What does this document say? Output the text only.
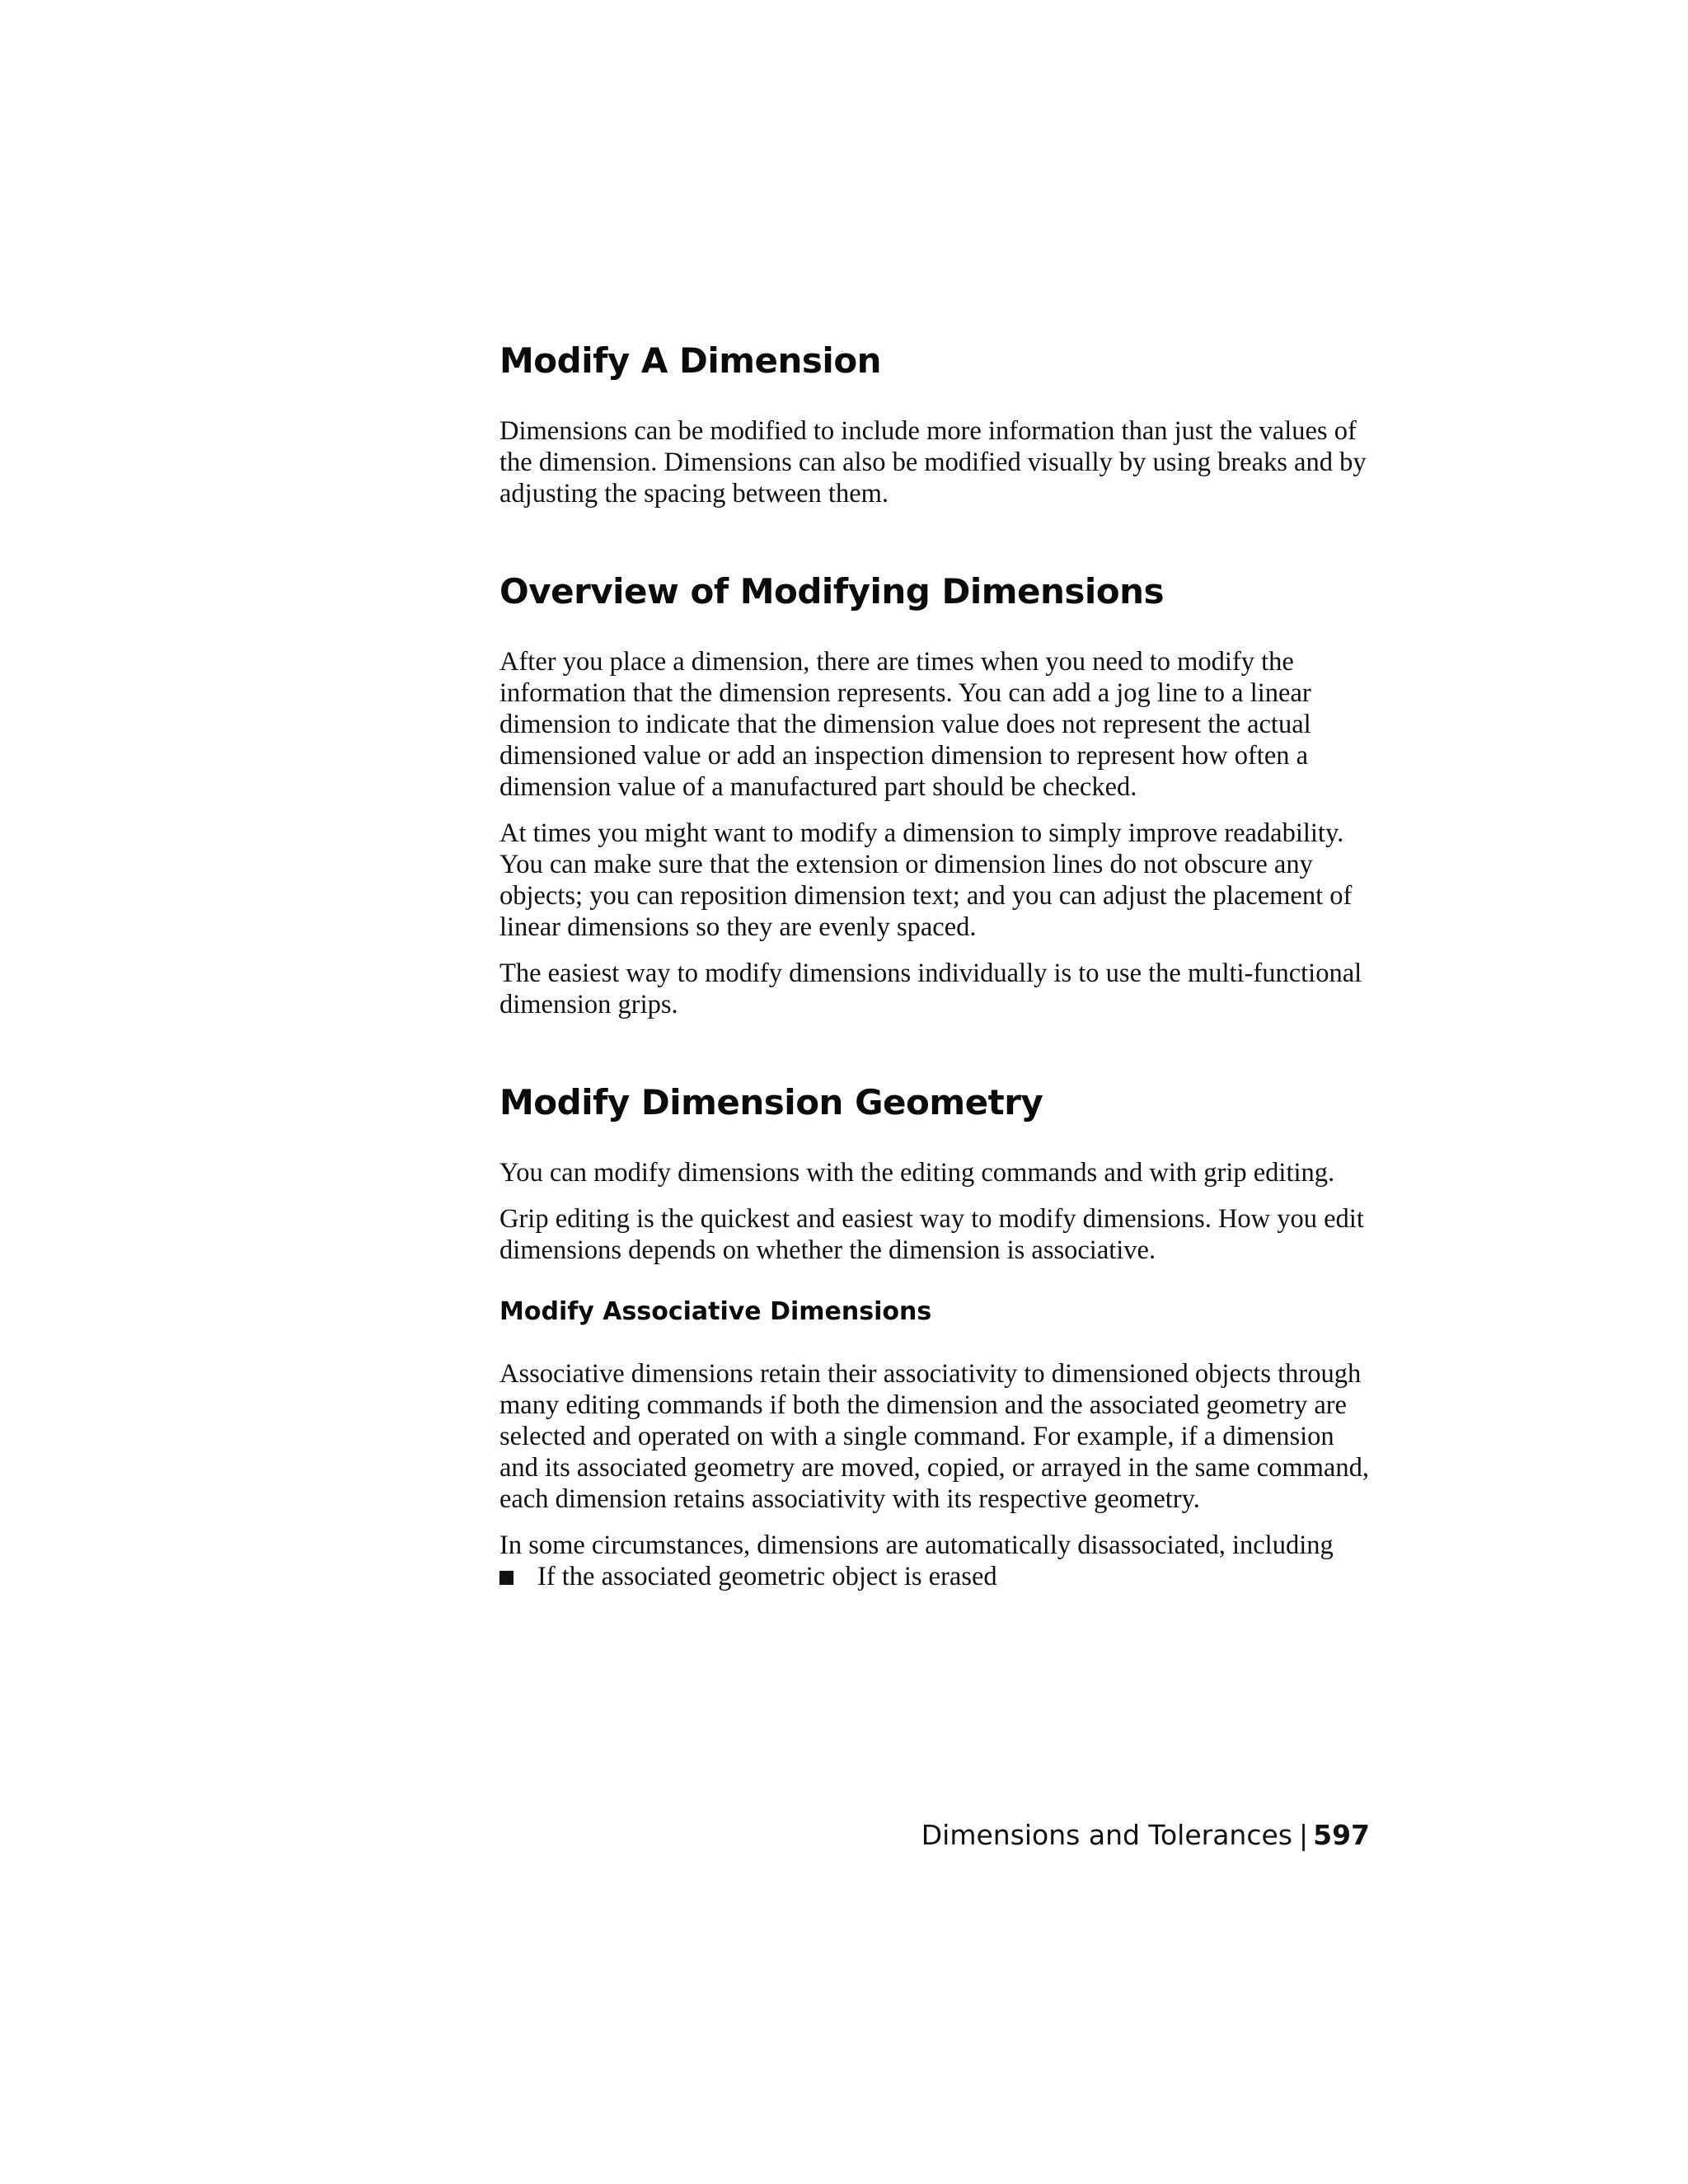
Modify A Dimension

Dimensions can be modified to include more information than just the values of the dimension. Dimensions can also be modified visually by using breaks and by adjusting the spacing between them.

Overview of Modifying Dimensions

After you place a dimension, there are times when you need to modify the information that the dimension represents. You can add a jog line to a linear dimension to indicate that the dimension value does not represent the actual dimensioned value or add an inspection dimension to represent how often a dimension value of a manufactured part should be checked.

At times you might want to modify a dimension to simply improve readability. You can make sure that the extension or dimension lines do not obscure any objects; you can reposition dimension text; and you can adjust the placement of linear dimensions so they are evenly spaced.

The easiest way to modify dimensions individually is to use the multi-functional dimension grips.

Modify Dimension Geometry

You can modify dimensions with the editing commands and with grip editing.

Grip editing is the quickest and easiest way to modify dimensions. How you edit dimensions depends on whether the dimension is associative.

Modify Associative Dimensions

Associative dimensions retain their associativity to dimensioned objects through many editing commands if both the dimension and the associated geometry are selected and operated on with a single command. For example, if a dimension and its associated geometry are moved, copied, or arrayed in the same command, each dimension retains associativity with its respective geometry.

In some circumstances, dimensions are automatically disassociated, including

If the associated geometric object is erased
Dimensions and Tolerances | 597
